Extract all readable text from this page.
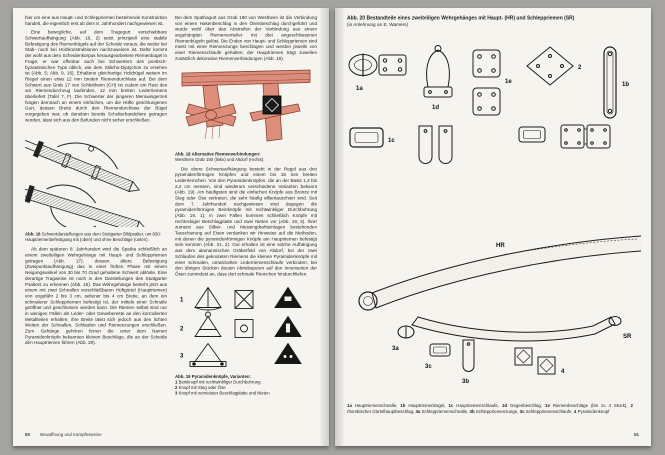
hier um eine aus Haupt- und Schleppriemen bestehende Konstruktion handelt, die eigentlich erst ab dem 8. Jahrhundert nachgewiesen ist.

Eine bewegliche, auf dem Tragegurt verschiebbare Schwertaufhängung (Abb. 16, 2) setzt prinzipiell eine stabile Befestigung des Riemenbügels auf der Scheide voraus, die weder bei Stab- noch bei Holzkonstruktionen nachzuweisen ist. Dafür kommt der wohl aus dem Scheidenkorpus herausgearbeitete Riemenbügel in Frage; er war offenbar auch bei Schwertern des pontisch-byzantinischen Typs üblich, wie dem Stilicho-Diptychon zu ersehen ist (Abb. 5; Abb. 9, 16). Erhaltene gleichartige Holzbügel weisen im Riegel einen etwa 12 mm breiten Riemendurchlass auf. Bei dem Schwert aus Grab 17 von Schleitheim (CH) ist zudem ein Rest des am Riemendurchzug laufenden, 12 mm breiten Lederriemens überliefert (Tafel 7, F). Die Schwerter der jüngeren Merowingerzeit hingen demnach an einem einfachen, um die Hüfte geschlungenen Gurt, dessen Breite durch den Riemendurchlass der Bügel vorgegeben war; ob daneben bereits Schulterbandeliere getragen wurden, lässt sich aus den Befunden nicht sicher erschließen.

Abb. 16 Schwertdarstellungen aus dem Stuttgarter Bildpsalter, um 830: Hauptriemenbefestigung mit (oben) und ohne Beschläge (unten).

Ab dem späteren 8. Jahrhundert wird die Spatha schließlich an einem zweiteiligen Wehrgehänge mit Haupt- und Schleppriemen getragen (Abb. 17), dessen ältere Befestigung (Zweipunktaufhängung) das in einer frühen Phase mit einem Neigungswinkel von 30 bis 70 Grad gehaltene Schwert ablöste. Eine derartige Tragweise ist noch in den Darstellungen des Stuttgarter Psalters zu erkennen (Abb. 16). Das Wehrgehänge besteht jetzt aus einem mit zwei Schnallen verschließbaren Hüftgürtel (Hauptriemen) von ungefähr 2 bis 3 cm, seltener bis 4 cm Breite, an dem ein schmalerer Schleppriemen befestigt ist, der mittels einer Schnalle geöffnet und geschlossen werden kann. Die Riemen selbst sind nur in wenigen Fällen als Leder- oder Gewebereste an den korrodierten Metallteilen erhalten; ihre Breite lässt sich jedoch aus den lichten Weiten der Schnallen, Schlaufen und Riemenzungen erschließen. Zum Gehänge gehören ferner die unter dem Namen Pyramidenknöpfe bekannten kleinen Beschläge, die an der Scheide den Hauptriemen führen (Abb. 20).

Bei dem Spathagurt aus Grab 190 von Westheim ist die Verbindung von einem Hakenbeschlag in den Ösenbeschlag durchgeführt und wurde wohl über das Abstreifen der Verbindung aus einem angehängten Riemenverteiler mit drei angeschlossenen Riemenbügeln gelöst. Die Enden von Haupt- und Schleppriemen sind meist mit einer Riemenzunge beschlagen und werden jeweils von einer Riemenschlaufe gehalten; der Hauptriemen trägt zuweilen zusätzlich dekorative Riemenverbindungen (Abb. 18).

Abb. 18 Alternative Riemenverbindungen:
Westheim Grab 190 (links) und Altdorf (rechts).

Die obere Schwertaufhängung besteht in der Regel aus drei pyramidenförmigen Knöpfen und einem bis 15 mm breiten Lederriemchen. Von den Pyramidenknöpfen, die an der Basis 1,4 bis 2,2 cm messen, sind wiederum verschiedene Varianten bekannt (Abb. 19). Am häufigsten sind die einfachen Knöpfe aus Bronze mit Steg oder Öse vertreten, die sehr häufig silbertauschiert sind. Seit dem 7. Jahrhundert nachgewiesen sind dagegen die pyramidenförmigen Beinknöpfe mit rechtwinkliger Durchbohrung (Abb. 19, 1); in zwei Fällen kommen schließlich Knöpfe mit rechteckiger Beschlagplatte und zwei Nieten vor (Abb. 19, 3). Ihrer zumeist aus Silber- und Messingdrahteinlagen bestehenden Tauschierung auf Eisen verdanken wir Hinweise auf die Methoden, mit denen die pyramidenförmigen Knöpfe am Hauptriemen befestigt sein konnten (Abb. 21, 2). Gut erhalten ist eine solche Aufhängung aus dem alamannischen Gräberfeld von Altdorf, bei der zwei Schlaufen des geknoteten Riemens die kleinen Pyramidenknöpfe mit einer schmalen, umwickelten Lederriemenschlaufe verbinden; bei den übrigen Stücken deuten Abriebspuren auf den Innenseiten der Ösen zumindest an, dass dort schmale Riemchen hindurchliefen.

1
2
3
Abb. 19 Pyramidenknöpfe, Varianten:
1 Beinknopf mit rechtwinkliger Durchbohrung
2 Knopf mit Steg oder Öse
3 Knopf mit vernieteter Beschlagplatte und Nieten
50 Bewaffnung und Kampfesweise
Abb. 20 Bestandteile eines zweiteiligen Wehrgehänges mit Haupt- (HR) und Schleppriemen (SR)
(in Anlehnung an E. Wamers)
1a
1d
1e
2
1b
1c
HR
SR
3a
3c
3b
4
1a Hauptriemenschnalle, 1b Hauptriemenbügel, 1c Hauptriemenschlaufe, 1d Gegenbeschlag, 1e Riemenbeschläge (bis zu 4 Stück), 2 rhombischer Gürtelhauptbeschlag, 3a Schleppriemenschnalle, 3b Schleppriemenzunge, 3c Schleppriemenschlaufe, 4 Pyramidenknopf
51
